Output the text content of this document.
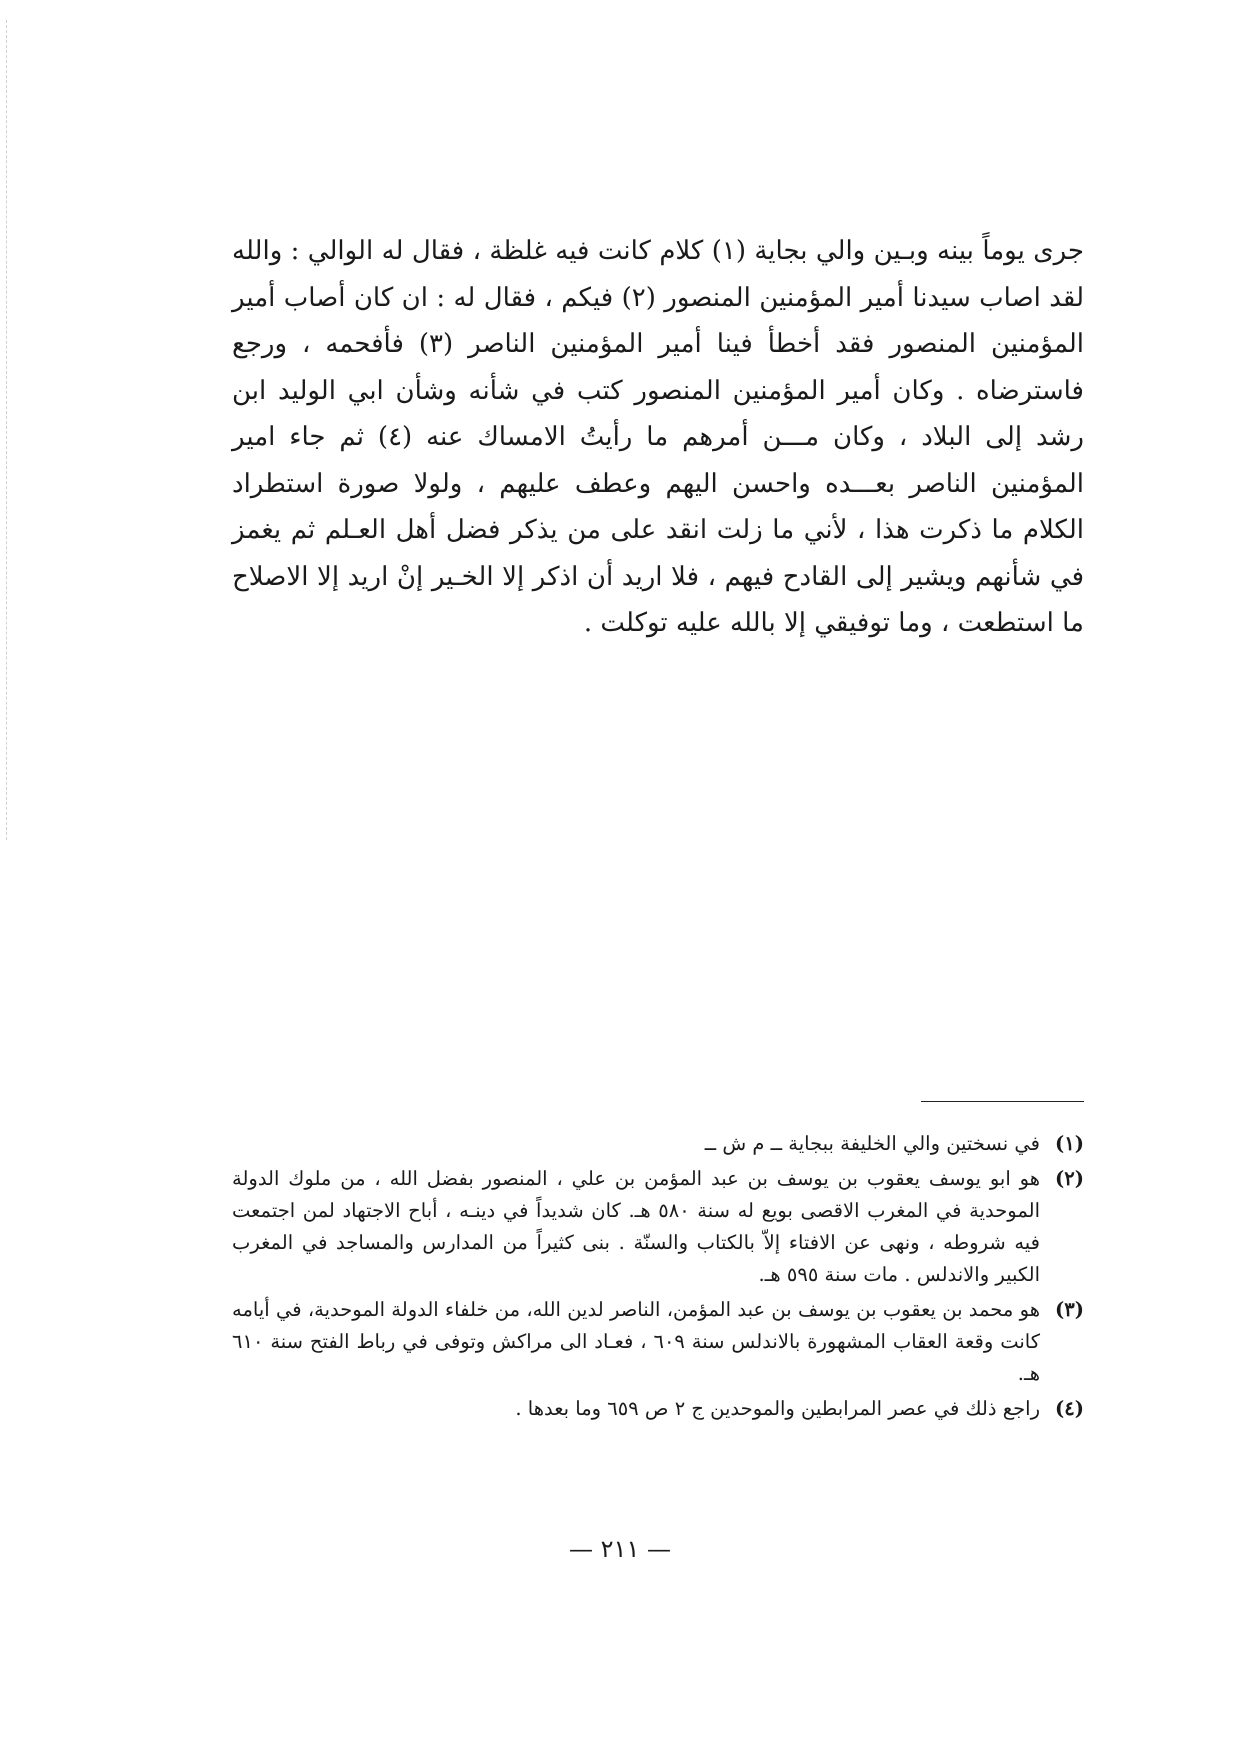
جرى يوماً بينه وبـين والي بجاية (١) كلام كانت فيه غلظة ، فقال له الوالي : والله لقد اصاب سيدنا أمير المؤمنين المنصور (٢) فيكم ، فقال له : ان كان أصاب أمير المؤمنين المنصور فقد أخطأ فينا أمير المؤمنين الناصر (٣) فأفحمه ، ورجع فاسترضاه . وكان أمير المؤمنين المنصور كتب في شأنه وشأن ابي الوليد ابن رشد إلى البلاد ، وكان مـــن أمرهم ما رأيتُ الامساك عنه (٤) ثم جاء امير المؤمنين الناصر بعـــده واحسن اليهم وعطف عليهم ، ولولا صورة استطراد الكلام ما ذكرت هذا ، لأني ما زلت انقد على من يذكر فضل أهل العـلم ثم يغمز في شأنهم ويشير إلى القادح فيهم ، فلا اريد أن اذكر إلا الخـير إنْ اريد إلا الاصلاح ما استطعت ، وما توفيقي إلا بالله عليه توكلت .

(١)
في نسختين والي الخليفة ببجاية ــ م ش ــ
(٢)
هو ابو يوسف يعقوب بن يوسف بن عبد المؤمن بن علي ، المنصور بفضل الله ، من ملوك الدولة الموحدية في المغرب الاقصى بويع له سنة ٥٨٠ هـ. كان شديداً في دينـه ، أباح الاجتهاد لمن اجتمعت فيه شروطه ، ونهى عن الافتاء إلاّ بالكتاب والسنّة . بنى كثيراً من المدارس والمساجد في المغرب الكبير والاندلس . مات سنة ٥٩٥ هـ.
(٣)
هو محمد بن يعقوب بن يوسف بن عبد المؤمن، الناصر لدين الله، من خلفاء الدولة الموحدية، في أيامه كانت وقعة العقاب المشهورة بالاندلس سنة ٦٠٩ ، فعـاد الى مراكش وتوفى في رباط الفتح سنة ٦١٠ هـ.
(٤)
راجع ذلك في عصر المرابطين والموحدين ج ٢ ص ٦٥٩ وما بعدها .
— ٢١١ —
